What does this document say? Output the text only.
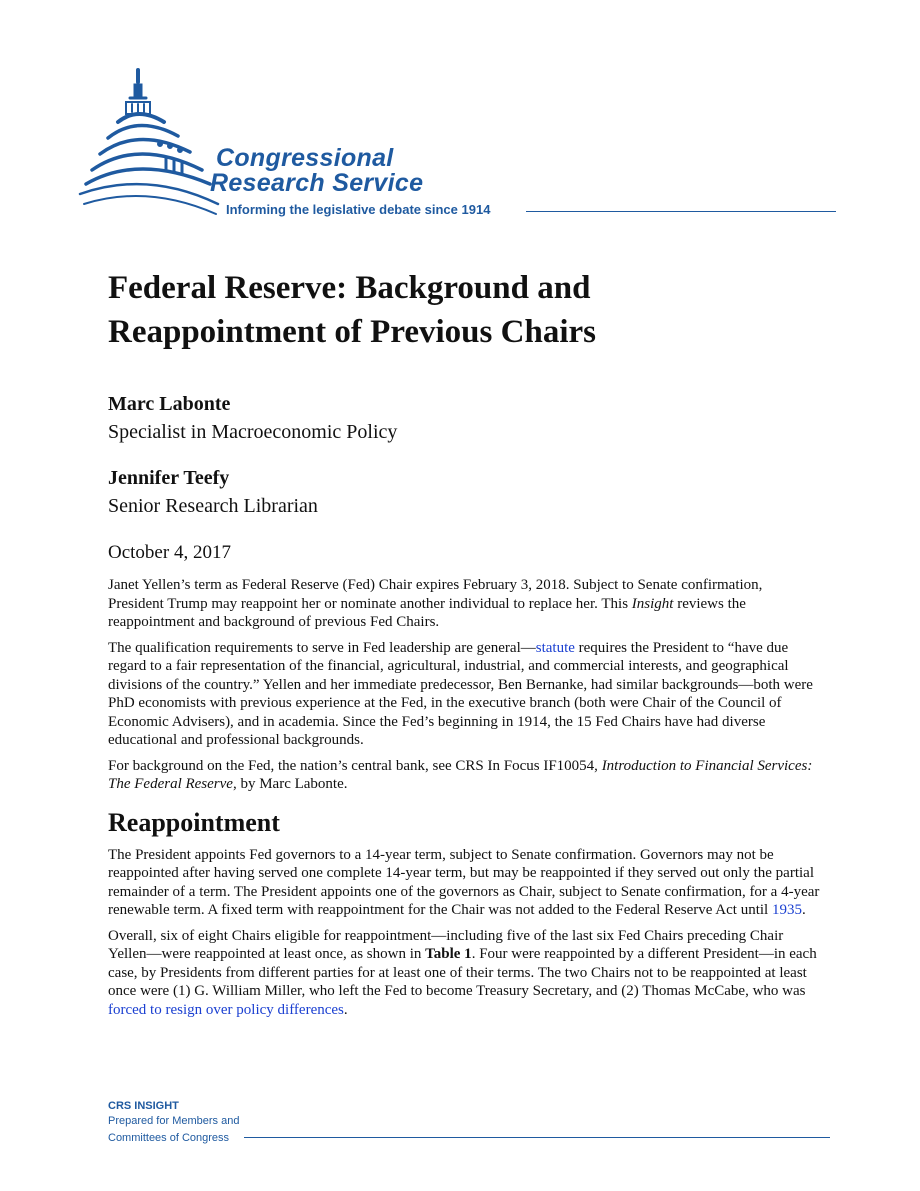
Congressional
Research Service
Informing the legislative debate since 1914
Federal Reserve: Background and
Reappointment of Previous Chairs

Marc Labonte

Specialist in Macroeconomic Policy

Jennifer Teefy

Senior Research Librarian

October 4, 2017

Janet Yellen’s term as Federal Reserve (Fed) Chair expires February 3, 2018. Subject to Senate confirmation, President Trump may reappoint her or nominate another individual to replace her. This Insight reviews the reappointment and background of previous Fed Chairs.

The qualification requirements to serve in Fed leadership are general—statute requires the President to “have due regard to a fair representation of the financial, agricultural, industrial, and commercial interests, and geographical divisions of the country.” Yellen and her immediate predecessor, Ben Bernanke, had similar backgrounds—both were PhD economists with previous experience at the Fed, in the executive branch (both were Chair of the Council of Economic Advisers), and in academia. Since the Fed’s beginning in 1914, the 15 Fed Chairs have had diverse educational and professional backgrounds.

For background on the Fed, the nation’s central bank, see CRS In Focus IF10054, Introduction to Financial Services: The Federal Reserve, by Marc Labonte.

Reappointment

The President appoints Fed governors to a 14-year term, subject to Senate confirmation. Governors may not be reappointed after having served one complete 14-year term, but may be reappointed if they served out only the partial remainder of a term. The President appoints one of the governors as Chair, subject to Senate confirmation, for a 4-year renewable term. A fixed term with reappointment for the Chair was not added to the Federal Reserve Act until 1935.

Overall, six of eight Chairs eligible for reappointment—including five of the last six Fed Chairs preceding Chair Yellen—were reappointed at least once, as shown in Table 1. Four were reappointed by a different President—in each case, by Presidents from different parties for at least one of their terms. The two Chairs not to be reappointed at least once were (1) G. William Miller, who left the Fed to become Treasury Secretary, and (2) Thomas McCabe, who was forced to resign over policy differences.

CRS INSIGHT
Prepared for Members and
Committees of Congress
